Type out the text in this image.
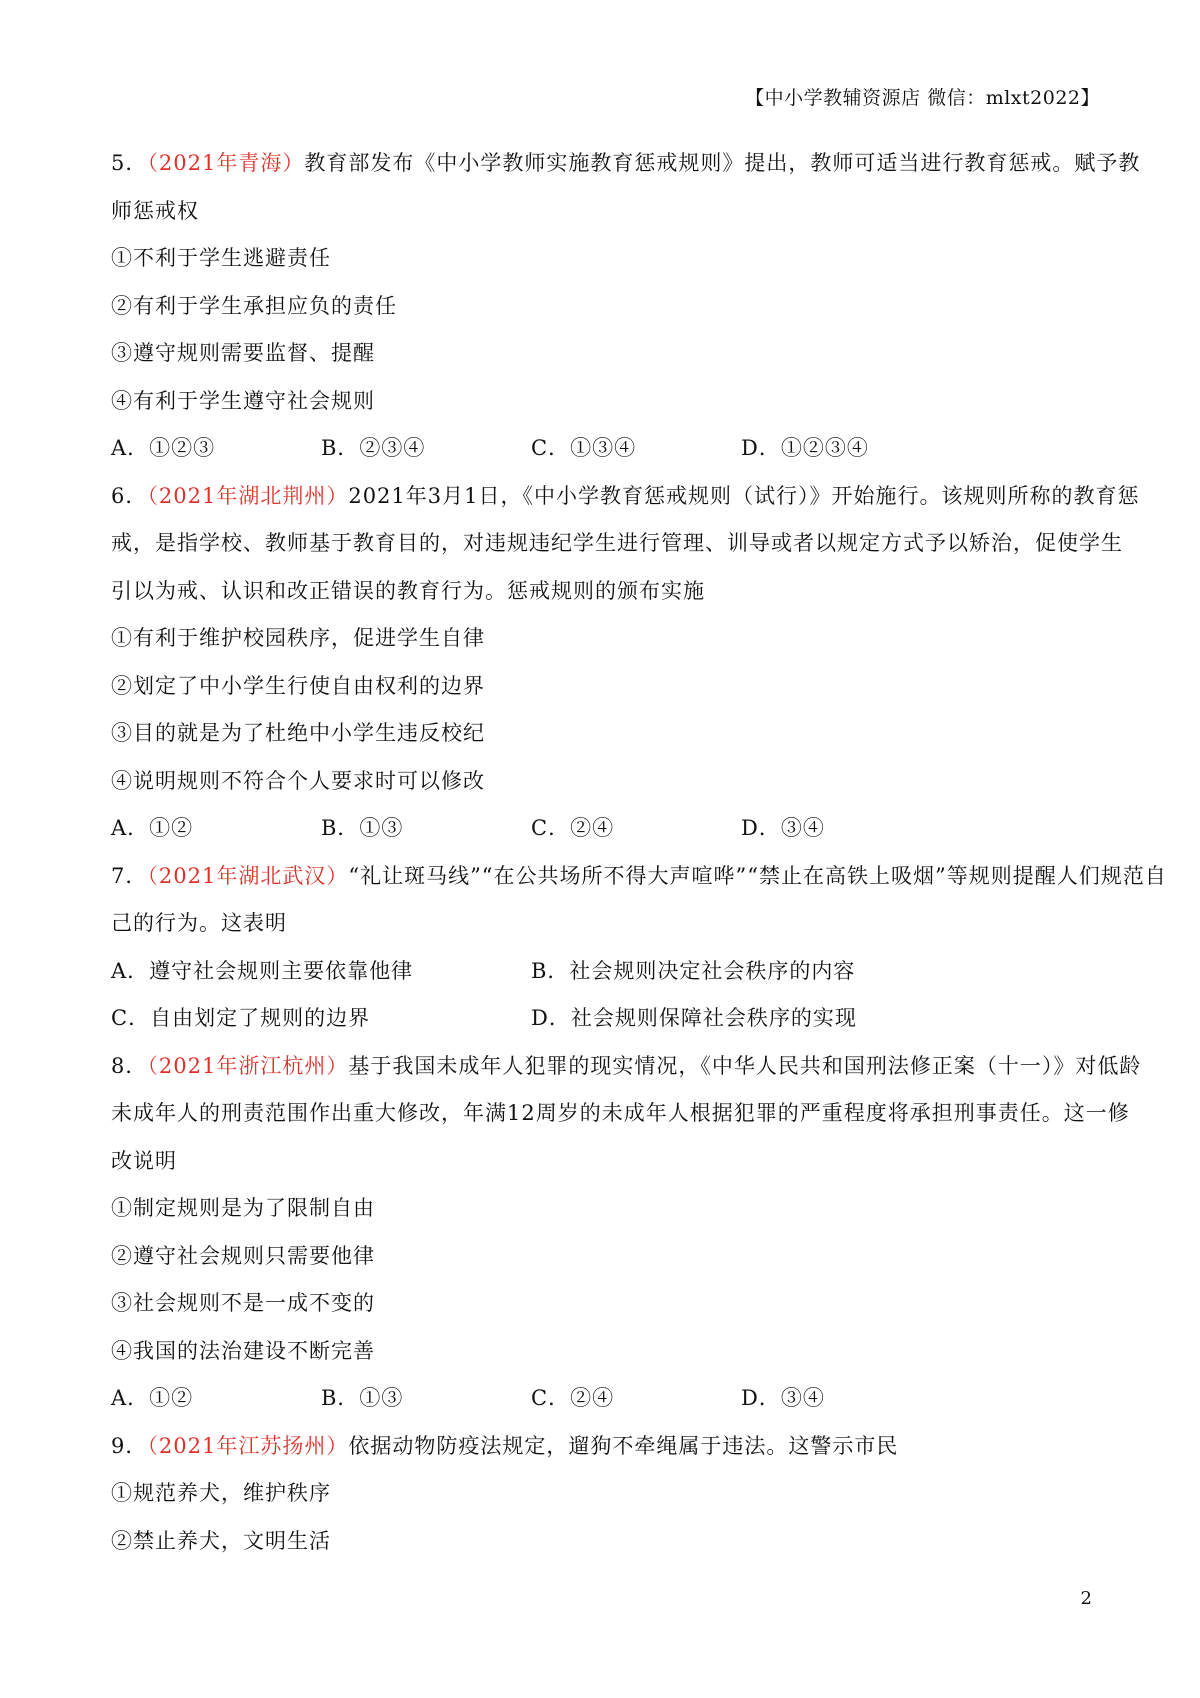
【中小学教辅资源店 微信：mlxt2022】
5．（2021年青海）教育部发布《中小学教师实施教育惩戒规则》提出，教师可适当进行教育惩戒。赋予教
师惩戒权
①不利于学生逃避责任
②有利于学生承担应负的责任
③遵守规则需要监督、提醒
④有利于学生遵守社会规则
A．①②③	B．②③④	C．①③④	D．①②③④
6．（2021年湖北荆州）2021年3月1日，《中小学教育惩戒规则（试行）》开始施行。该规则所称的教育惩
戒，是指学校、教师基于教育目的，对违规违纪学生进行管理、训导或者以规定方式予以矫治，促使学生
引以为戒、认识和改正错误的教育行为。惩戒规则的颁布实施
①有利于维护校园秩序，促进学生自律
②划定了中小学生行使自由权利的边界
③目的就是为了杜绝中小学生违反校纪
④说明规则不符合个人要求时可以修改
A．①②	B．①③	C．②④	D．③④
7．（2021年湖北武汉）“礼让斑马线”“在公共场所不得大声喧哗”“禁止在高铁上吸烟”等规则提醒人们规范自
己的行为。这表明
A．遵守社会规则主要依靠他律	B．社会规则决定社会秩序的内容
C．自由划定了规则的边界	D．社会规则保障社会秩序的实现
8．（2021年浙江杭州）基于我国未成年人犯罪的现实情况，《中华人民共和国刑法修正案（十一）》对低龄
未成年人的刑责范围作出重大修改，年满12周岁的未成年人根据犯罪的严重程度将承担刑事责任。这一修
改说明
①制定规则是为了限制自由
②遵守社会规则只需要他律
③社会规则不是一成不变的
④我国的法治建设不断完善
A．①②	B．①③	C．②④	D．③④
9．（2021年江苏扬州）依据动物防疫法规定，遛狗不牵绳属于违法。这警示市民
①规范养犬，维护秩序
②禁止养犬，文明生活
2
